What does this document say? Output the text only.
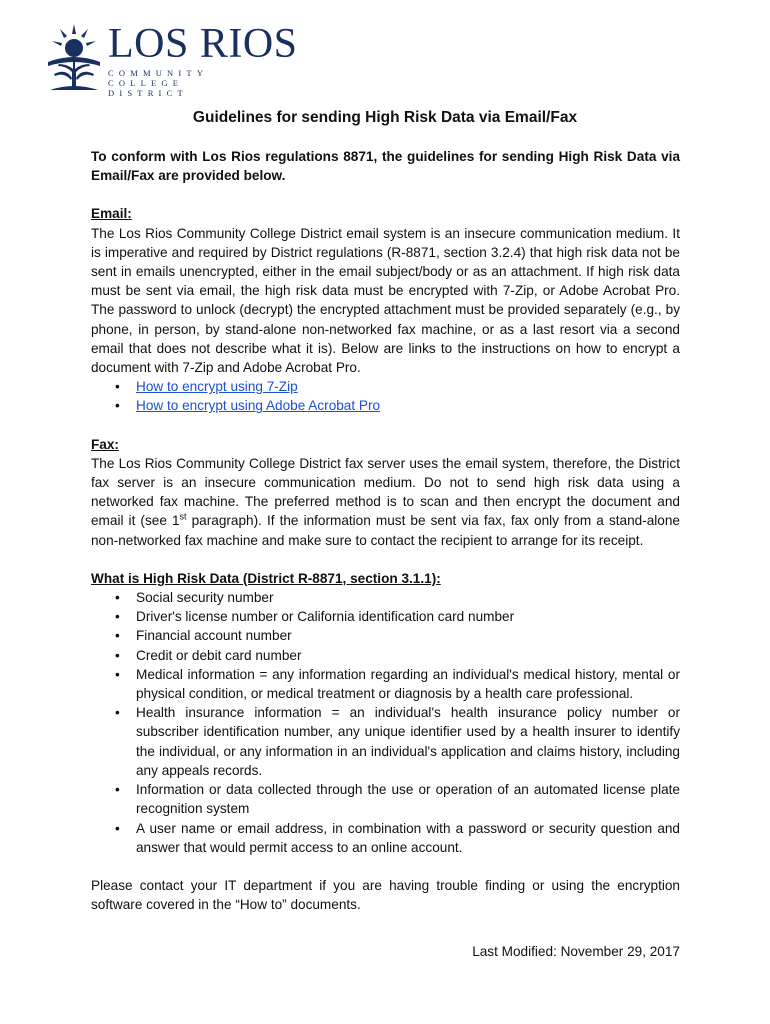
LOS RIOS
COMMUNITY
COLLEGE
DISTRICT
Guidelines for sending High Risk Data via Email/Fax

To conform with Los Rios regulations 8871, the guidelines for sending High Risk Data via Email/Fax are provided below.

Email:

The Los Rios Community College District email system is an insecure communication medium. It is imperative and required by District regulations (R-8871, section 3.2.4) that high risk data not be sent in emails unencrypted, either in the email subject/body or as an attachment. If high risk data must be sent via email, the high risk data must be encrypted with 7-Zip, or Adobe Acrobat Pro. The password to unlock (decrypt) the encrypted attachment must be provided separately (e.g., by phone, in person, by stand-alone non-networked fax machine, or as a last resort via a second email that does not describe what it is). Below are links to the instructions on how to encrypt a document with 7-Zip and Adobe Acrobat Pro.

•	How to encrypt using 7-Zip
•	How to encrypt using Adobe Acrobat Pro
Fax:

The Los Rios Community College District fax server uses the email system, therefore, the District fax server is an insecure communication medium. Do not to send high risk data using a networked fax machine. The preferred method is to scan and then encrypt the document and email it (see 1st paragraph). If the information must be sent via fax, fax only from a stand-alone non-networked fax machine and make sure to contact the recipient to arrange for its receipt.

What is High Risk Data (District R-8871, section 3.1.1):
•	Social security number
•	Driver's license number or California identification card number
•	Financial account number
•	Credit or debit card number
•	Medical information = any information regarding an individual's medical history, mental or physical condition, or medical treatment or diagnosis by a health care professional.
•	Health insurance information = an individual's health insurance policy number or subscriber identification number, any unique identifier used by a health insurer to identify the individual, or any information in an individual's application and claims history, including any appeals records.
•	Information or data collected through the use or operation of an automated license plate recognition system
•	A user name or email address, in combination with a password or security question and answer that would permit access to an online account.

Please contact your IT department if you are having trouble finding or using the encryption software covered in the “How to” documents.

Last Modified: November 29, 2017
